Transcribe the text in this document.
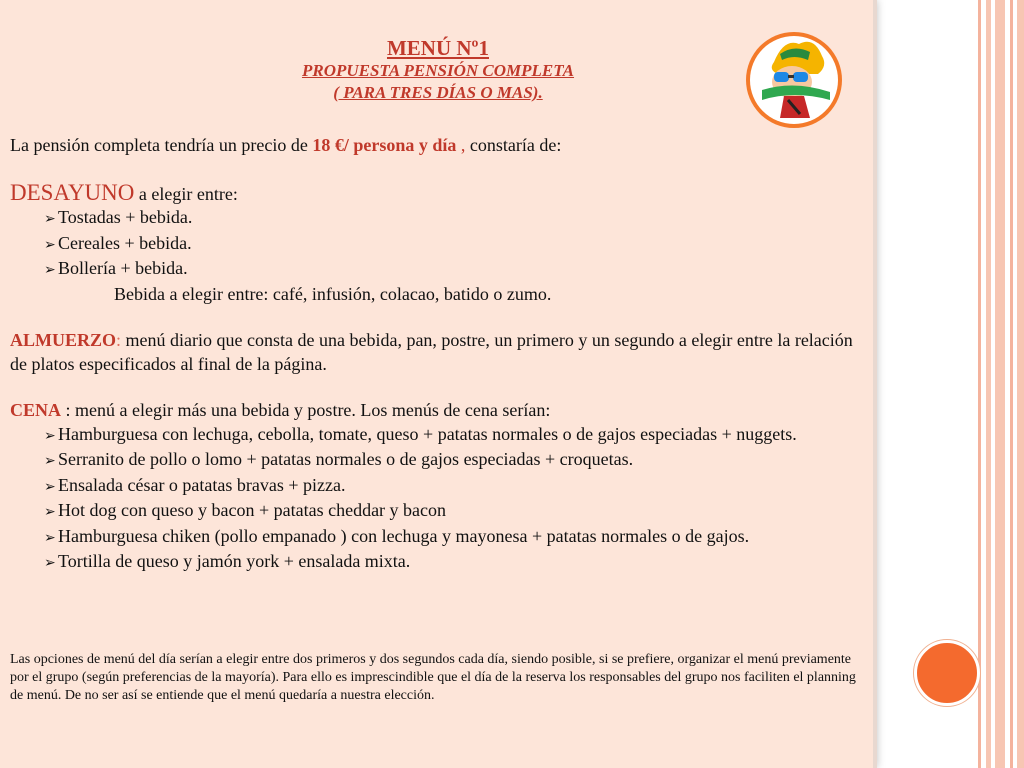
MENÚ Nº1
PROPUESTA PENSIÓN COMPLETA
( PARA TRES DÍAS O MAS).

La pensión completa tendría un precio de 18 €/ persona y día , constaría de:

DESAYUNO a elegir entre:

➢ Tostadas + bebida.
➢ Cereales + bebida.
➢ Bollería + bebida.

Bebida a elegir entre: café, infusión, colacao, batido o zumo.

ALMUERZO: menú diario que consta de una bebida, pan, postre, un primero y un segundo a elegir entre la relación de platos especificados al final de la página.

CENA : menú a elegir más una bebida y postre. Los menús de cena serían:

➢ Hamburguesa con lechuga, cebolla, tomate, queso + patatas normales o de gajos especiadas + nuggets.
➢ Serranito de pollo o lomo + patatas normales o de gajos especiadas + croquetas.
➢ Ensalada césar o patatas bravas + pizza.
➢ Hot dog con queso y bacon + patatas cheddar y bacon
➢ Hamburguesa chiken (pollo empanado ) con lechuga y mayonesa + patatas normales o de gajos.
➢ Tortilla de queso y jamón york + ensalada mixta.

Las opciones de menú del día serían a elegir entre dos primeros y dos segundos cada día, siendo posible, si se prefiere, organizar el menú previamente por el grupo (según preferencias de la mayoría). Para ello es imprescindible que el día de la reserva los responsables del grupo nos faciliten el planning de menú. De no ser así se entiende que el menú quedaría a nuestra elección.
